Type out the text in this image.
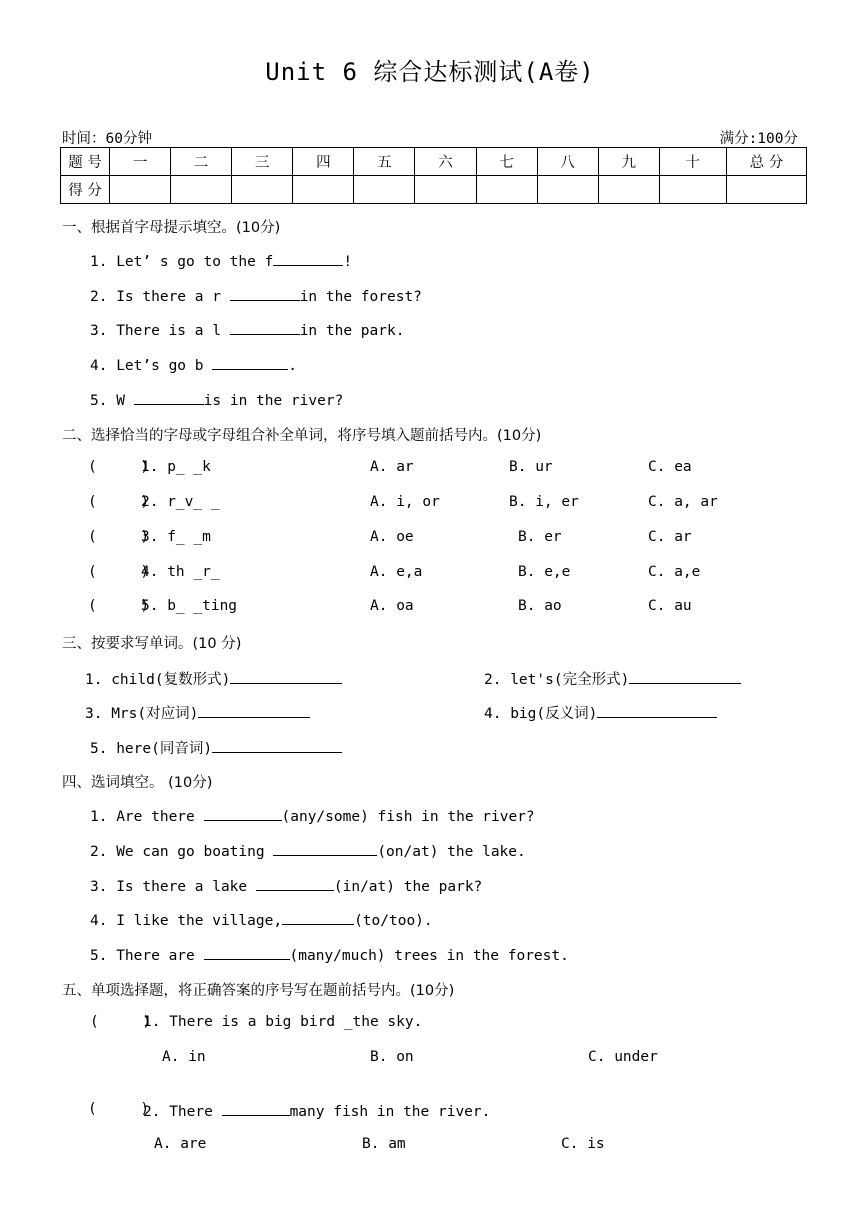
Unit 6 综合达标测试(A卷)
时间：60分钟	满分:100分
题 号	一	二	三	四	五	六	七	八	九	十	总 分
得 分											
一、根据首字母提示填空。(10分)
1. Let’ s go to the f	!
2. Is there a r	in the forest?
3. There is a l	in the park.
4. Let’s go b	.
5. W	is in the river?
二、选择恰当的字母或字母组合补全单词，将序号填入题前括号内。(10分)
(     )
1. p_ _k	A. ar	B. ur	C. ea
(     )
2. r_v_ _	A. i, or	B. i, er	C. a, ar
(     )
3. f_ _m	A. oe	B. er	C. ar
(     )
4. th _r_	A. e,a	B. e,e	C. a,e
(     )
5. b_ _ting	A. oa	B. ao	C. au
三、按要求写单词。(10 分)
1. child(复数形式)	2. let's(完全形式)
3. Mrs(对应词)	4. big(反义词)
5. here(同音词)
四、选词填空。 (10分)
1. Are there	(any/some) fish in the river?
2. We can go boating	(on/at) the lake.
3. Is there a lake	(in/at) the park?
4. I like the village,	(to/too).
5. There are	(many/much) trees in the forest.
五、单项选择题，将正确答案的序号写在题前括号内。(10分)
(     )
1. There is a big bird _the sky.
A. in	B. on	C. under
(     )
2. There	many fish in the river.
A. are	B. am	C. is
